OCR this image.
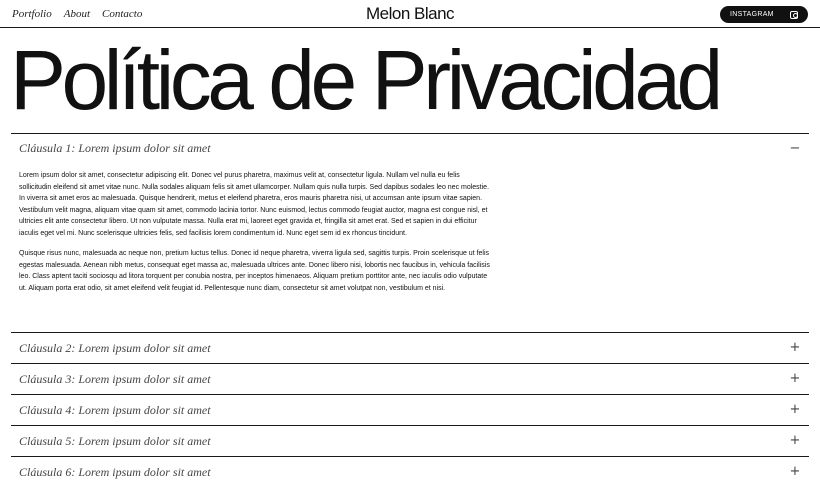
Portfolio About Contacto	Melon Blanc	INSTAGRAM
Política de Privacidad
Cláusula 1: Lorem ipsum dolor sit amet	−

Lorem ipsum dolor sit amet, consectetur adipiscing elit. Donec vel purus pharetra, maximus velit at, consectetur ligula. Nullam vel nulla eu felis sollicitudin eleifend sit amet vitae nunc. Nulla sodales aliquam felis sit amet ullamcorper. Nullam quis nulla turpis. Sed dapibus sodales leo nec molestie. In viverra sit amet eros ac malesuada. Quisque hendrerit, metus et eleifend pharetra, eros mauris pharetra nisi, ut accumsan ante ipsum vitae sapien. Vestibulum velit magna, aliquam vitae quam sit amet, commodo lacinia tortor. Nunc euismod, lectus commodo feugiat auctor, magna est congue nisl, et ultricies elit ante consectetur libero. Ut non vulputate massa. Nulla erat mi, laoreet eget gravida et, fringilla sit amet erat. Sed et sapien in dui efficitur iaculis eget vel mi. Nunc scelerisque ultricies felis, sed facilisis lorem condimentum id. Nunc eget sem id ex rhoncus tincidunt.

Quisque risus nunc, malesuada ac neque non, pretium luctus tellus. Donec id neque pharetra, viverra ligula sed, sagittis turpis. Proin scelerisque ut felis egestas malesuada. Aenean nibh metus, consequat eget massa ac, malesuada ultrices ante. Donec libero nisi, lobortis nec faucibus in, vehicula facilisis leo. Class aptent taciti sociosqu ad litora torquent per conubia nostra, per inceptos himenaeos. Aliquam pretium porttitor ante, nec iaculis odio vulputate ut. Aliquam porta erat odio, sit amet eleifend velit feugiat id. Pellentesque nunc diam, consectetur sit amet volutpat non, vestibulum et nisi.

Cláusula 2: Lorem ipsum dolor sit amet	+
Cláusula 3: Lorem ipsum dolor sit amet	+
Cláusula 4: Lorem ipsum dolor sit amet	+
Cláusula 5: Lorem ipsum dolor sit amet	+
Cláusula 6: Lorem ipsum dolor sit amet	+
